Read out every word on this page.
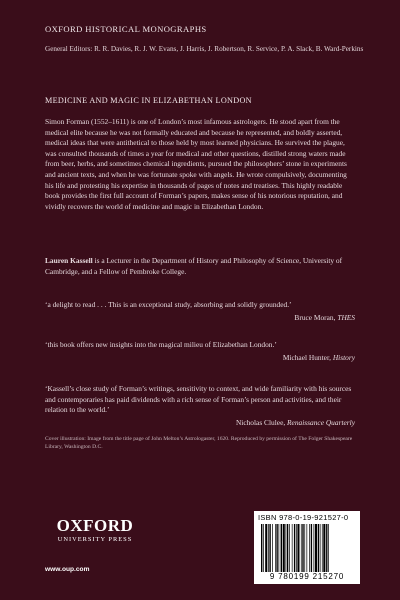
OXFORD HISTORICAL MONOGRAPHS
General Editors: R. R. Davies, R. J. W. Evans, J. Harris, J. Robertson, R. Service, P. A. Slack, B. Ward-Perkins
MEDICINE AND MAGIC IN ELIZABETHAN LONDON
Simon Forman (1552–1611) is one of London’s most infamous astrologers. He stood apart from the medical elite because he was not formally educated and because he represented, and boldly asserted, medical ideas that were antithetical to those held by most learned physicians. He survived the plague, was consulted thousands of times a year for medical and other questions, distilled strong waters made from beer, herbs, and sometimes chemical ingredients, pursued the philosophers’ stone in experiments and ancient texts, and when he was fortunate spoke with angels. He wrote compulsively, documenting his life and protesting his expertise in thousands of pages of notes and treatises. This highly readable book provides the first full account of Forman’s papers, makes sense of his notorious reputation, and vividly recovers the world of medicine and magic in Elizabethan London.
Lauren Kassell is a Lecturer in the Department of History and Philosophy of Science, University of Cambridge, and a Fellow of Pembroke College.
‘a delight to read . . . This is an exceptional study, absorbing and solidly grounded.’
Bruce Moran, THES
‘this book offers new insights into the magical milieu of Elizabethan London.’
Michael Hunter, History
‘Kassell’s close study of Forman’s writings, sensitivity to context, and wide familiarity with his sources and contemporaries has paid dividends with a rich sense of Forman’s person and activities, and their relation to the world.’
Nicholas Clulee, Renaissance Quarterly
Cover illustration: Image from the title page of John Melton’s Astrologaster, 1620. Reproduced by permission of The Folger Shakespeare Library, Washington D.C.
OXFORD
UNIVERSITY PRESS
www.oup.com
ISBN 978-0-19-921527-0
9 780199 215270
